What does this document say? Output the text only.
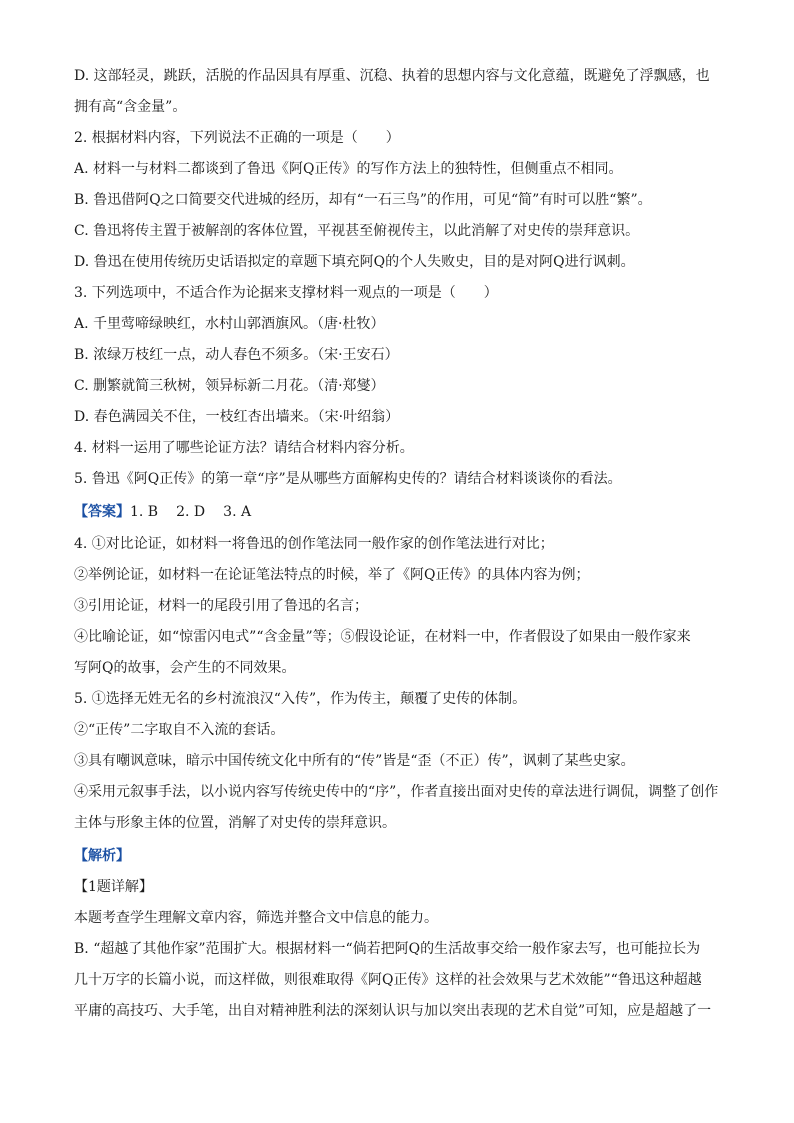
D. 这部轻灵，跳跃，活脱的作品因具有厚重、沉稳、执着的思想内容与文化意蕴，既避免了浮飘感，也
拥有高“含金量”。
2. 根据材料内容，下列说法不正确的一项是（　　）
A. 材料一与材料二都谈到了鲁迅《阿Q正传》的写作方法上的独特性，但侧重点不相同。
B. 鲁迅借阿Q之口简要交代进城的经历，却有“一石三鸟”的作用，可见“简”有时可以胜“繁”。
C. 鲁迅将传主置于被解剖的客体位置，平视甚至俯视传主，以此消解了对史传的崇拜意识。
D. 鲁迅在使用传统历史话语拟定的章题下填充阿Q的个人失败史，目的是对阿Q进行讽刺。
3. 下列选项中，不适合作为论据来支撑材料一观点的一项是（　　）
A. 千里莺啼绿映红，水村山郭酒旗风。（唐·杜牧）
B. 浓绿万枝红一点，动人春色不须多。（宋·王安石）
C. 删繁就简三秋树，领异标新二月花。（清·郑燮）
D. 春色满园关不住，一枝红杏出墙来。（宋·叶绍翁）
4. 材料一运用了哪些论证方法？请结合材料内容分析。
5. 鲁迅《阿Q正传》的第一章“序”是从哪些方面解构史传的？请结合材料谈谈你的看法。
【答案】1. B 2. D 3. A
4. ①对比论证，如材料一将鲁迅的创作笔法同一般作家的创作笔法进行对比；
②举例论证，如材料一在论证笔法特点的时候，举了《阿Q正传》的具体内容为例；
③引用论证，材料一的尾段引用了鲁迅的名言；
④比喻论证，如“惊雷闪电式”“含金量”等；⑤假设论证，在材料一中，作者假设了如果由一般作家来
写阿Q的故事，会产生的不同效果。
5. ①选择无姓无名的乡村流浪汉“入传”，作为传主，颠覆了史传的体制。
②“正传”二字取自不入流的套话。
③具有嘲讽意味，暗示中国传统文化中所有的“传”皆是“歪（不正）传”，讽刺了某些史家。
④采用元叙事手法，以小说内容写传统史传中的“序”，作者直接出面对史传的章法进行调侃，调整了创作
主体与形象主体的位置，消解了对史传的崇拜意识。
【解析】
【1题详解】
本题考查学生理解文章内容，筛选并整合文中信息的能力。
B. “超越了其他作家”范围扩大。根据材料一“倘若把阿Q的生活故事交给一般作家去写，也可能拉长为
几十万字的长篇小说，而这样做，则很难取得《阿Q正传》这样的社会效果与艺术效能”“鲁迅这种超越
平庸的高技巧、大手笔，出自对精神胜利法的深刻认识与加以突出表现的艺术自觉”可知，应是超越了一
